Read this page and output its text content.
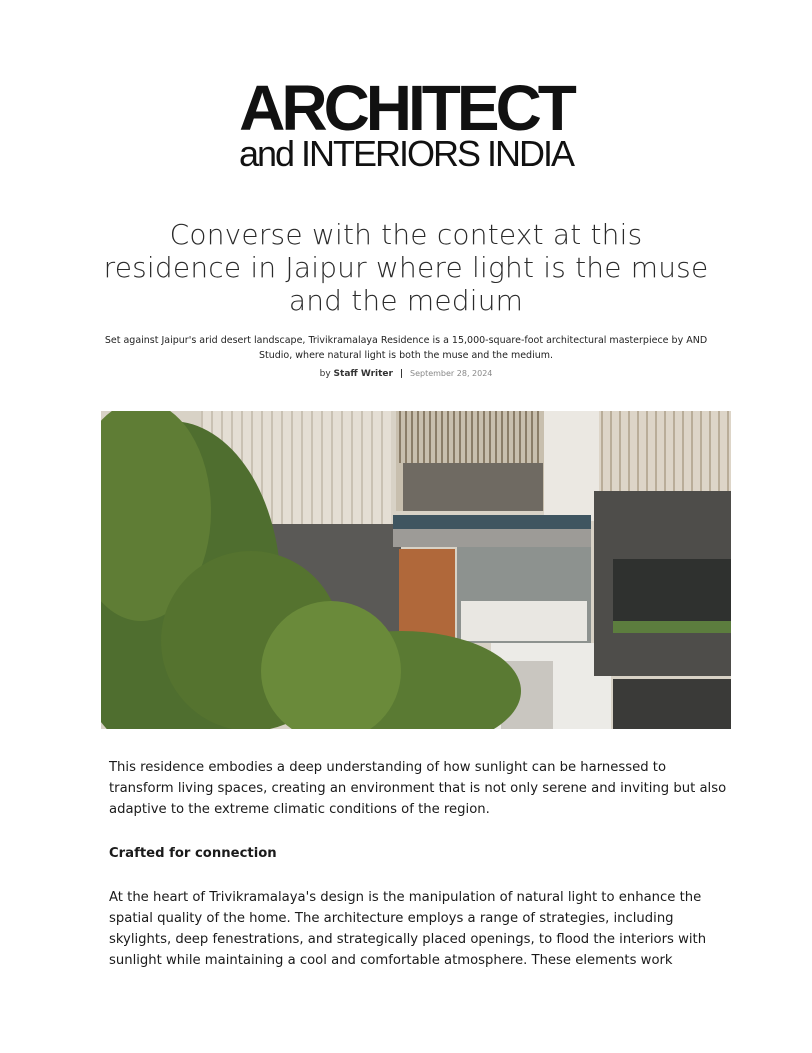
ARCHITECT
and INTERIORS INDIA
Converse with the context at this residence in Jaipur where light is the muse and the medium

Set against Jaipur's arid desert landscape, Trivikramalaya Residence is a 15,000-square-foot architectural masterpiece by AND Studio, where natural light is both the muse and the medium.

by Staff Writer | September 28, 2024

This residence embodies a deep understanding of how sunlight can be harnessed to transform living spaces, creating an environment that is not only serene and inviting but also adaptive to the extreme climatic conditions of the region.

Crafted for connection

At the heart of Trivikramalaya's design is the manipulation of natural light to enhance the spatial quality of the home. The architecture employs a range of strategies, including skylights, deep fenestrations, and strategically placed openings, to flood the interiors with sunlight while maintaining a cool and comfortable atmosphere. These elements work
